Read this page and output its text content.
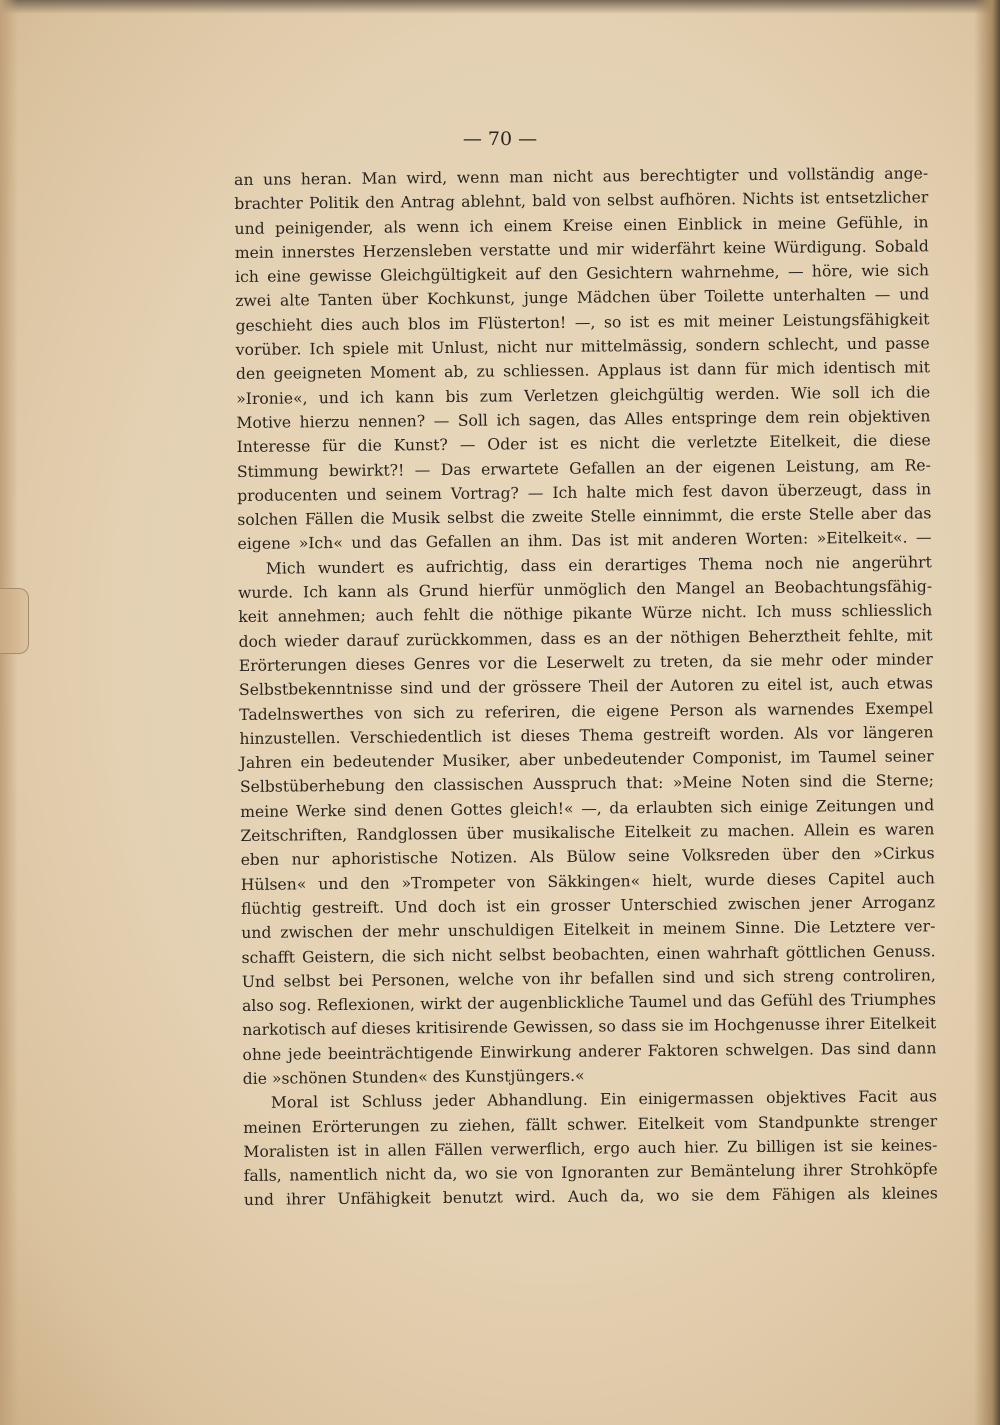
— 70 —
an uns heran. Man wird, wenn man nicht aus berechtigter und vollständig ange-
brachter Politik den Antrag ablehnt, bald von selbst aufhören. Nichts ist entsetzlicher
und peinigender, als wenn ich einem Kreise einen Einblick in meine Gefühle, in
mein innerstes Herzensleben verstatte und mir widerfährt keine Würdigung. Sobald
ich eine gewisse Gleichgültigkeit auf den Gesichtern wahrnehme, — höre, wie sich
zwei alte Tanten über Kochkunst, junge Mädchen über Toilette unterhalten — und
geschieht dies auch blos im Flüsterton! —, so ist es mit meiner Leistungsfähigkeit
vorüber. Ich spiele mit Unlust, nicht nur mittelmässig, sondern schlecht, und passe
den geeigneten Moment ab, zu schliessen. Applaus ist dann für mich identisch mit
»Ironie«, und ich kann bis zum Verletzen gleichgültig werden. Wie soll ich die
Motive hierzu nennen? — Soll ich sagen, das Alles entspringe dem rein objektiven
Interesse für die Kunst? — Oder ist es nicht die verletzte Eitelkeit, die diese
Stimmung bewirkt?! — Das erwartete Gefallen an der eigenen Leistung, am Re-
producenten und seinem Vortrag? — Ich halte mich fest davon überzeugt, dass in
solchen Fällen die Musik selbst die zweite Stelle einnimmt, die erste Stelle aber das
eigene »Ich« und das Gefallen an ihm. Das ist mit anderen Worten: »Eitelkeit«. —
Mich wundert es aufrichtig, dass ein derartiges Thema noch nie angerührt
wurde. Ich kann als Grund hierfür unmöglich den Mangel an Beobachtungsfähig-
keit annehmen; auch fehlt die nöthige pikante Würze nicht. Ich muss schliesslich
doch wieder darauf zurückkommen, dass es an der nöthigen Beherztheit fehlte, mit
Erörterungen dieses Genres vor die Leserwelt zu treten, da sie mehr oder minder
Selbstbekenntnisse sind und der grössere Theil der Autoren zu eitel ist, auch etwas
Tadelnswerthes von sich zu referiren, die eigene Person als warnendes Exempel
hinzustellen. Verschiedentlich ist dieses Thema gestreift worden. Als vor längeren
Jahren ein bedeutender Musiker, aber unbedeutender Componist, im Taumel seiner
Selbstüberhebung den classischen Ausspruch that: »Meine Noten sind die Sterne;
meine Werke sind denen Gottes gleich!« —, da erlaubten sich einige Zeitungen und
Zeitschriften, Randglossen über musikalische Eitelkeit zu machen. Allein es waren
eben nur aphoristische Notizen. Als Bülow seine Volksreden über den »Cirkus
Hülsen« und den »Trompeter von Säkkingen« hielt, wurde dieses Capitel auch
flüchtig gestreift. Und doch ist ein grosser Unterschied zwischen jener Arroganz
und zwischen der mehr unschuldigen Eitelkeit in meinem Sinne. Die Letztere ver-
schafft Geistern, die sich nicht selbst beobachten, einen wahrhaft göttlichen Genuss.
Und selbst bei Personen, welche von ihr befallen sind und sich streng controliren,
also sog. Reflexionen, wirkt der augenblickliche Taumel und das Gefühl des Triumphes
narkotisch auf dieses kritisirende Gewissen, so dass sie im Hochgenusse ihrer Eitelkeit
ohne jede beeinträchtigende Einwirkung anderer Faktoren schwelgen. Das sind dann
die »schönen Stunden« des Kunstjüngers.«
Moral ist Schluss jeder Abhandlung. Ein einigermassen objektives Facit aus
meinen Erörterungen zu ziehen, fällt schwer. Eitelkeit vom Standpunkte strenger
Moralisten ist in allen Fällen verwerflich, ergo auch hier. Zu billigen ist sie keines-
falls, namentlich nicht da, wo sie von Ignoranten zur Bemäntelung ihrer Strohköpfe
und ihrer Unfähigkeit benutzt wird. Auch da, wo sie dem Fähigen als kleines
